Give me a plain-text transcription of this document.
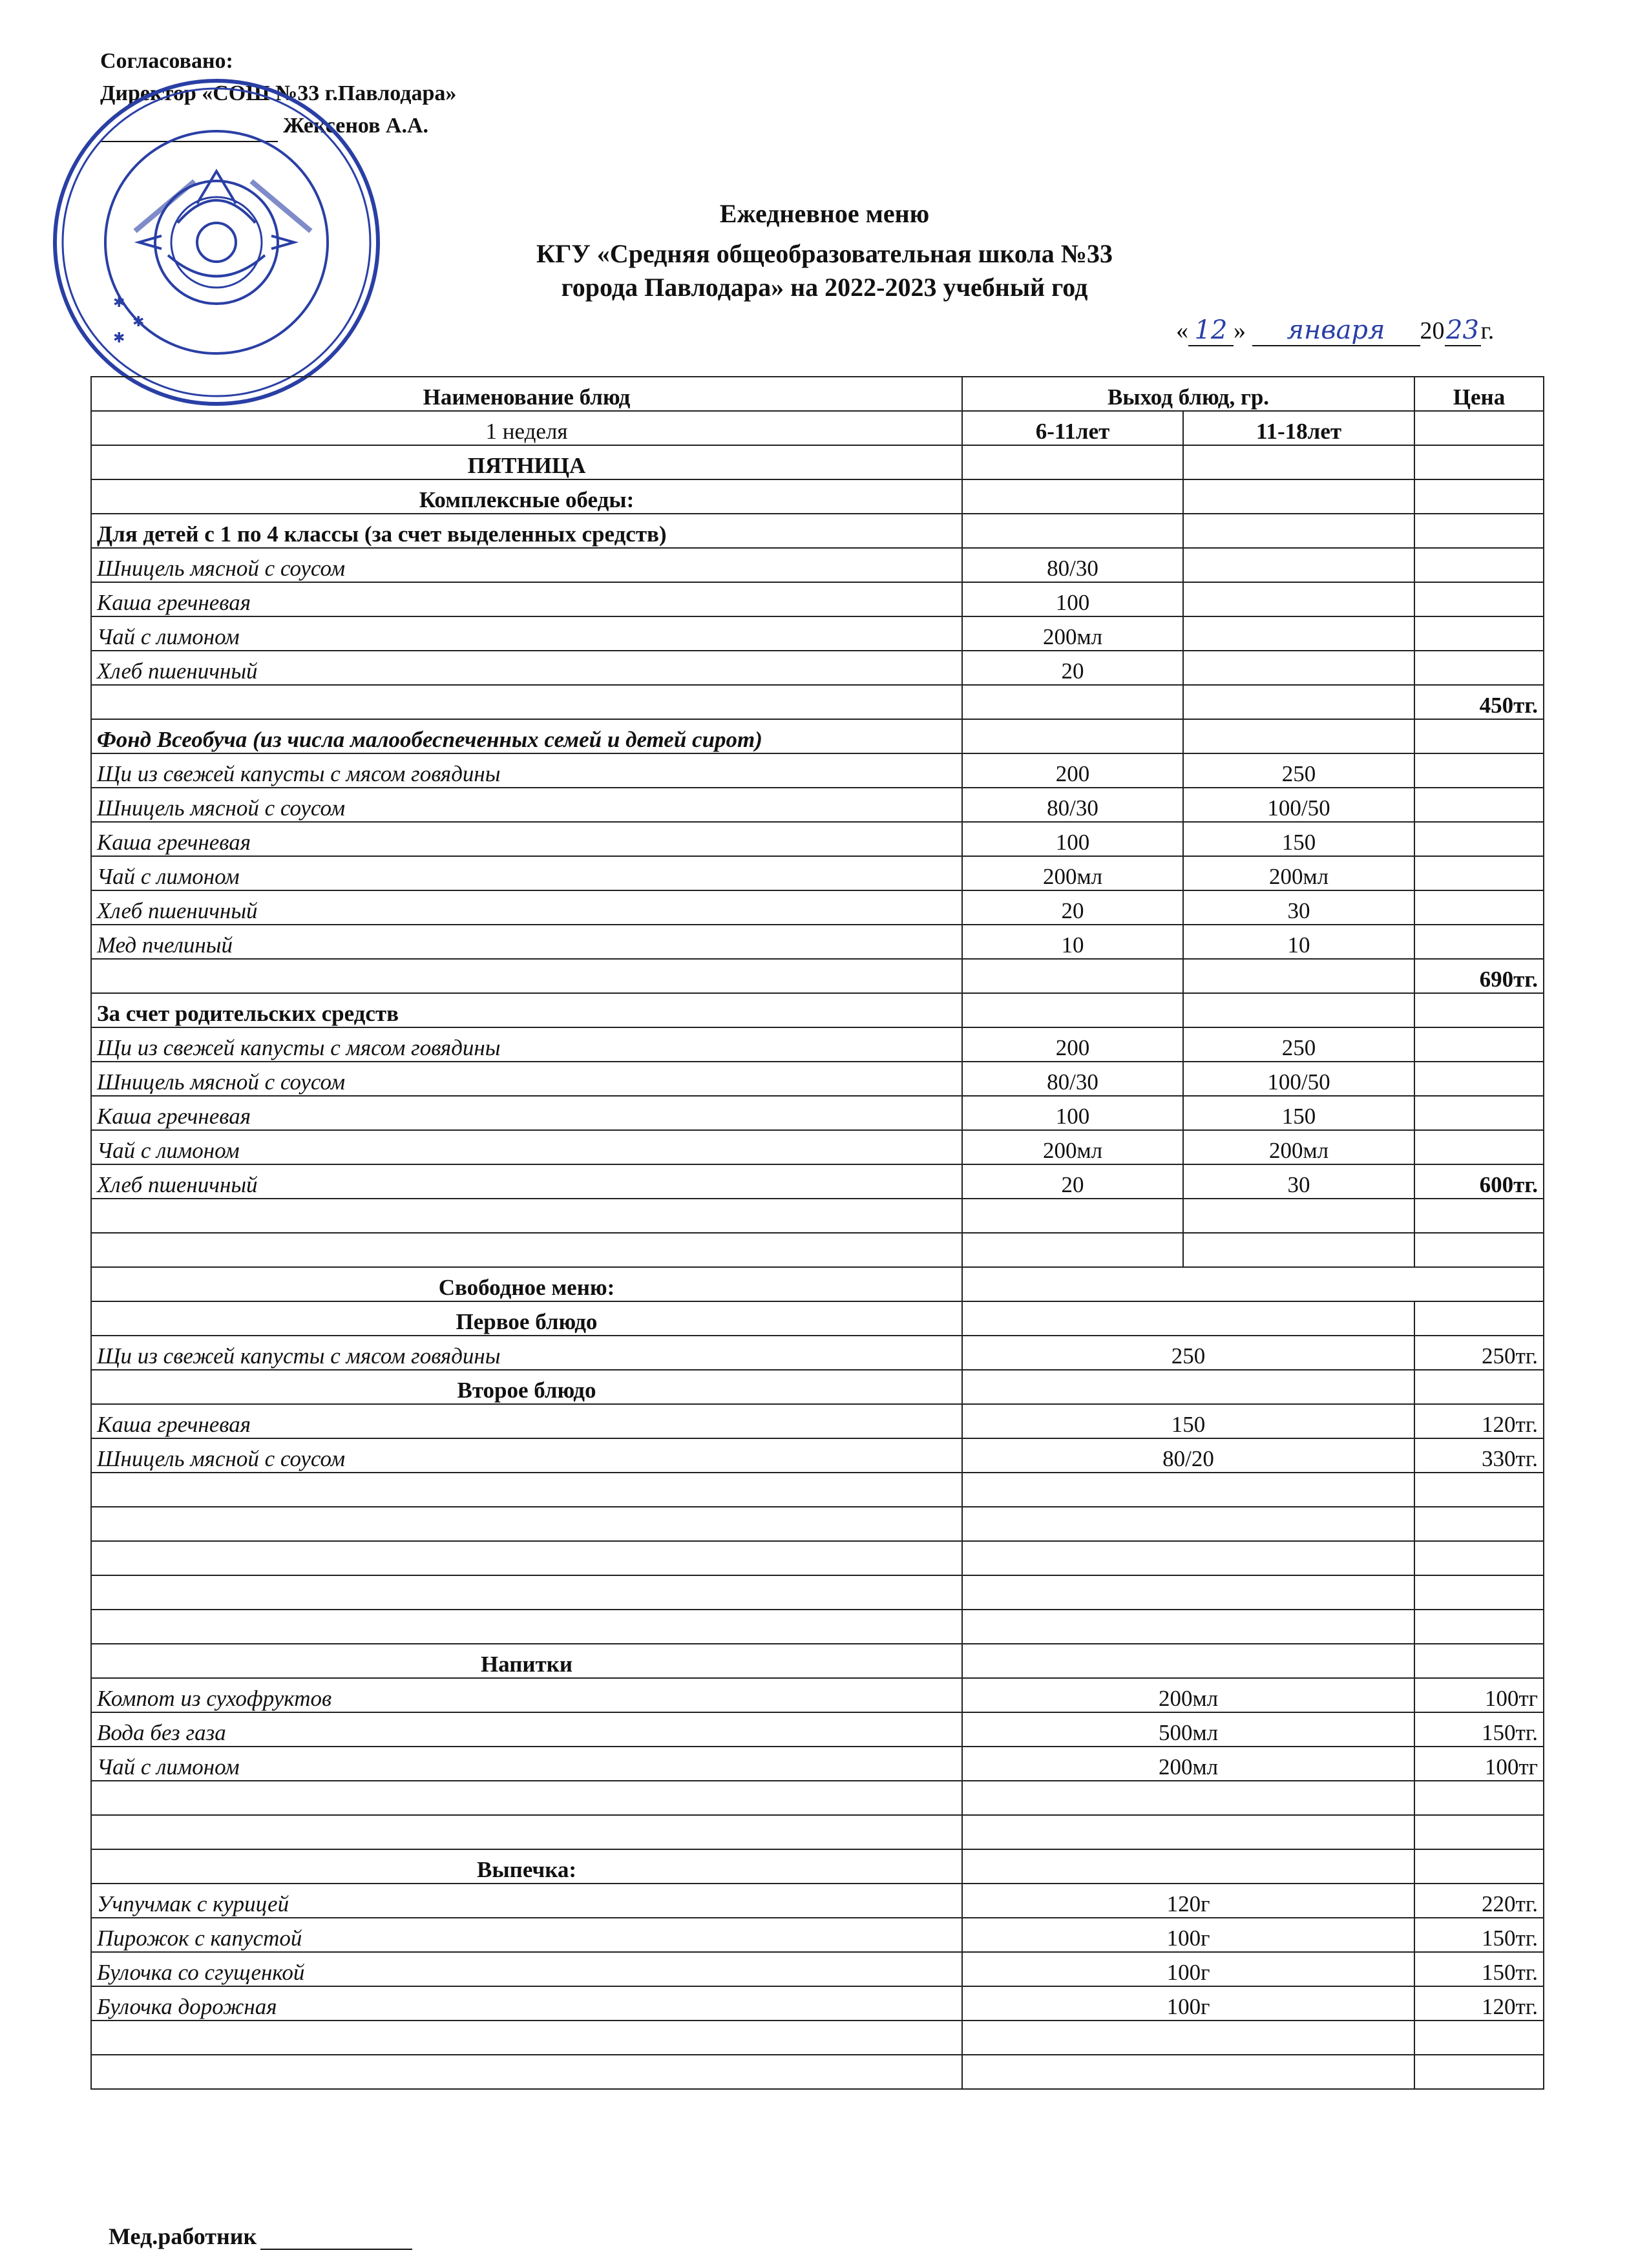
Согласовано:
Директор «СОШ №33 г.Павлодара»
Жексенов А.А.
✱
✱
✱
Ежедневное меню
КГУ «Средняя общеобразовательная школа №33
города Павлодара» на 2022-2023 учебный год
« 12 » января 2023г.
Наименование блюд	Выход блюд, гр.		Цена
1 неделя	6-11лет	11-18лет	
ПЯТНИЦА			
Комплексные обеды:			
Для детей с 1 по 4 классы (за счет выделенных средств)			
Шницель мясной с соусом	80/30		
Каша гречневая	100		
Чай с лимоном	200мл		
Хлеб пшеничный	20		
			450тг.
Фонд Всеобуча (из числа малообеспеченных семей и детей сирот)			
Щи из свежей капусты с мясом говядины	200	250	
Шницель мясной с соусом	80/30	100/50	
Каша гречневая	100	150	
Чай с лимоном	200мл	200мл	
Хлеб пшеничный	20	30	
Мед пчелиный	10	10	
			690тг.
За счет родительских средств			
Щи из свежей капусты с мясом говядины	200	250	
Шницель мясной с соусом	80/30	100/50	
Каша гречневая	100	150	
Чай с лимоном	200мл	200мл	
Хлеб пшеничный	20	30	600тг.

Свободное меню:			
Первое блюдо			
Щи из свежей капусты с мясом говядины	250		250тг.
Второе блюдо			
Каша гречневая	150		120тг.
Шницель мясной с соусом	80/20		330тг.

Напитки			
Компот из сухофруктов	200мл		100тг
Вода без газа	500мл		150тг.
Чай с лимоном	200мл		100тг

Выпечка:			
Учпучмак с курицей	120г		220тг.
Пирожок с капустой	100г		150тг.
Булочка со сгущенкой	100г		150тг.
Булочка дорожная	100г		120тг.

Мед.работник
